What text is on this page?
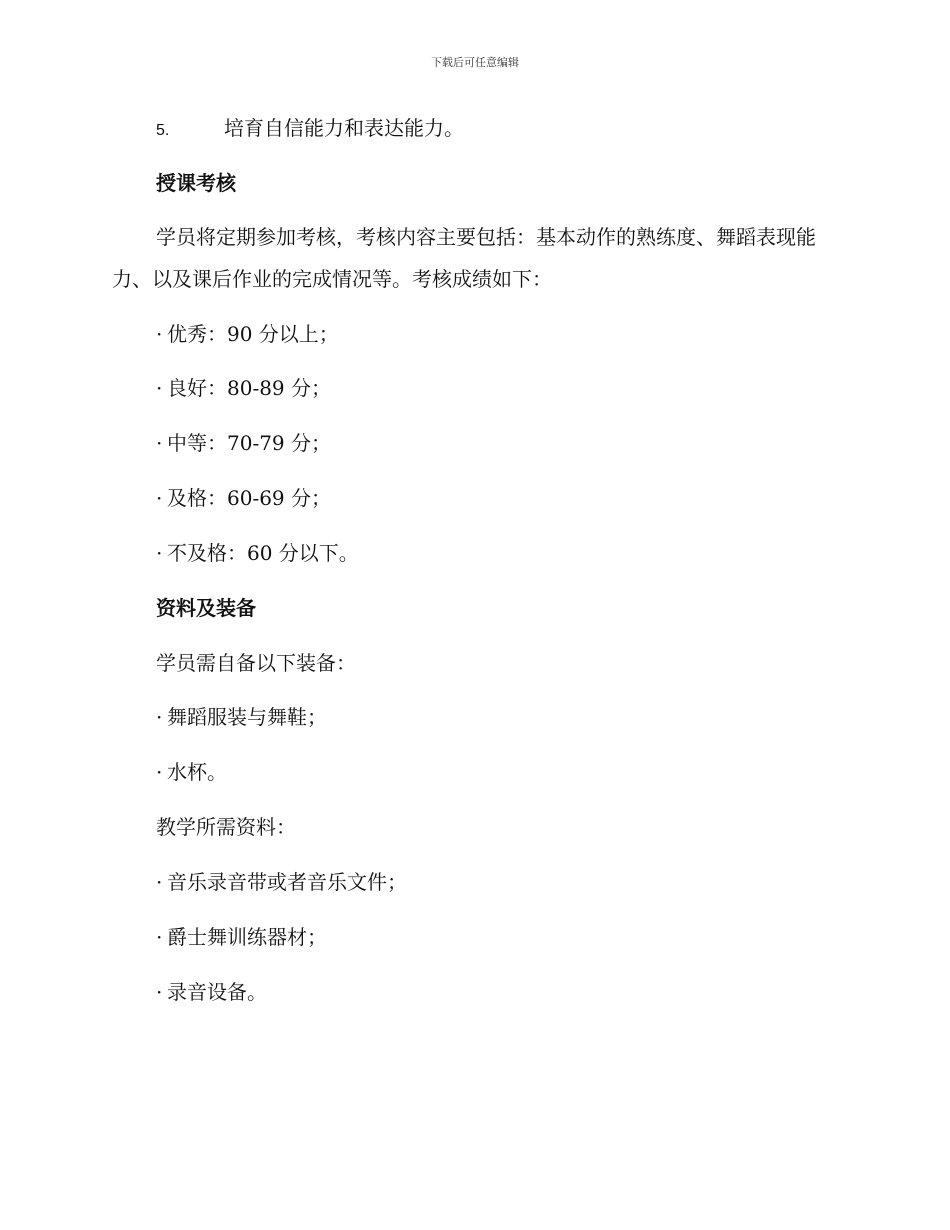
下载后可任意编辑
5.	培育自信能力和表达能力。
授课考核
学员将定期参加考核，考核内容主要包括：基本动作的熟练度、舞蹈表现能力、以及课后作业的完成情况等。考核成绩如下：
· 优秀：90 分以上；
· 良好：80-89 分；
· 中等：70-79 分；
· 及格：60-69 分；
· 不及格：60 分以下。
资料及装备
学员需自备以下装备：
· 舞蹈服装与舞鞋；
· 水杯。
教学所需资料：
· 音乐录音带或者音乐文件；
· 爵士舞训练器材；
· 录音设备。
